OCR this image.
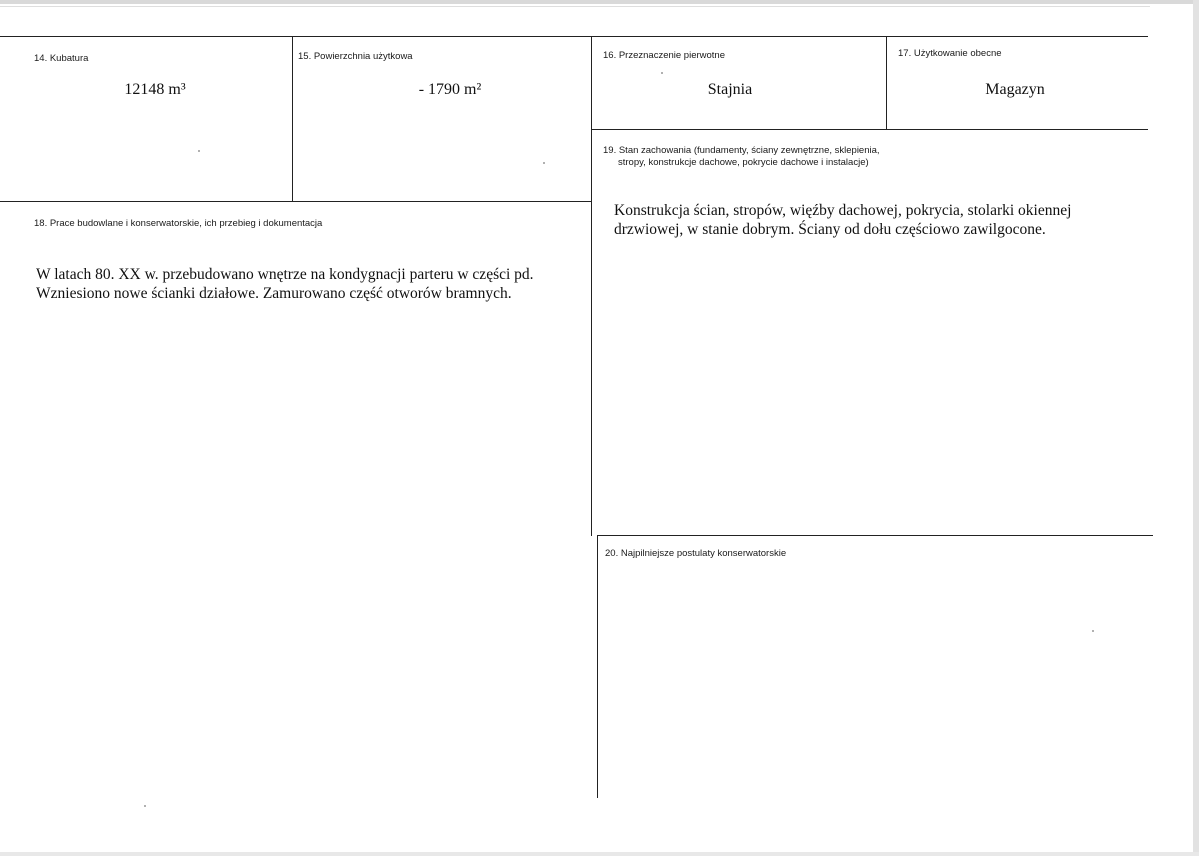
14. Kubatura
12148 m³
15. Powierzchnia użytkowa
- 1790 m²
16. Przeznaczenie pierwotne
Stajnia
17. Użytkowanie obecne
Magazyn
19. Stan zachowania (fundamenty, ściany zewnętrzne, sklepienia,
stropy, konstrukcje dachowe, pokrycie dachowe i instalacje)
Konstrukcja ścian, stropów, więźby dachowej, pokrycia, stolarki okiennej
drzwiowej, w stanie dobrym. Ściany od dołu częściowo zawilgocone.
18. Prace budowlane i konserwatorskie, ich przebieg i dokumentacja
W latach 80. XX w. przebudowano wnętrze na kondygnacji parteru w części pd.
Wzniesiono nowe ścianki działowe. Zamurowano część otworów bramnych.
20. Najpilniejsze postulaty konserwatorskie
